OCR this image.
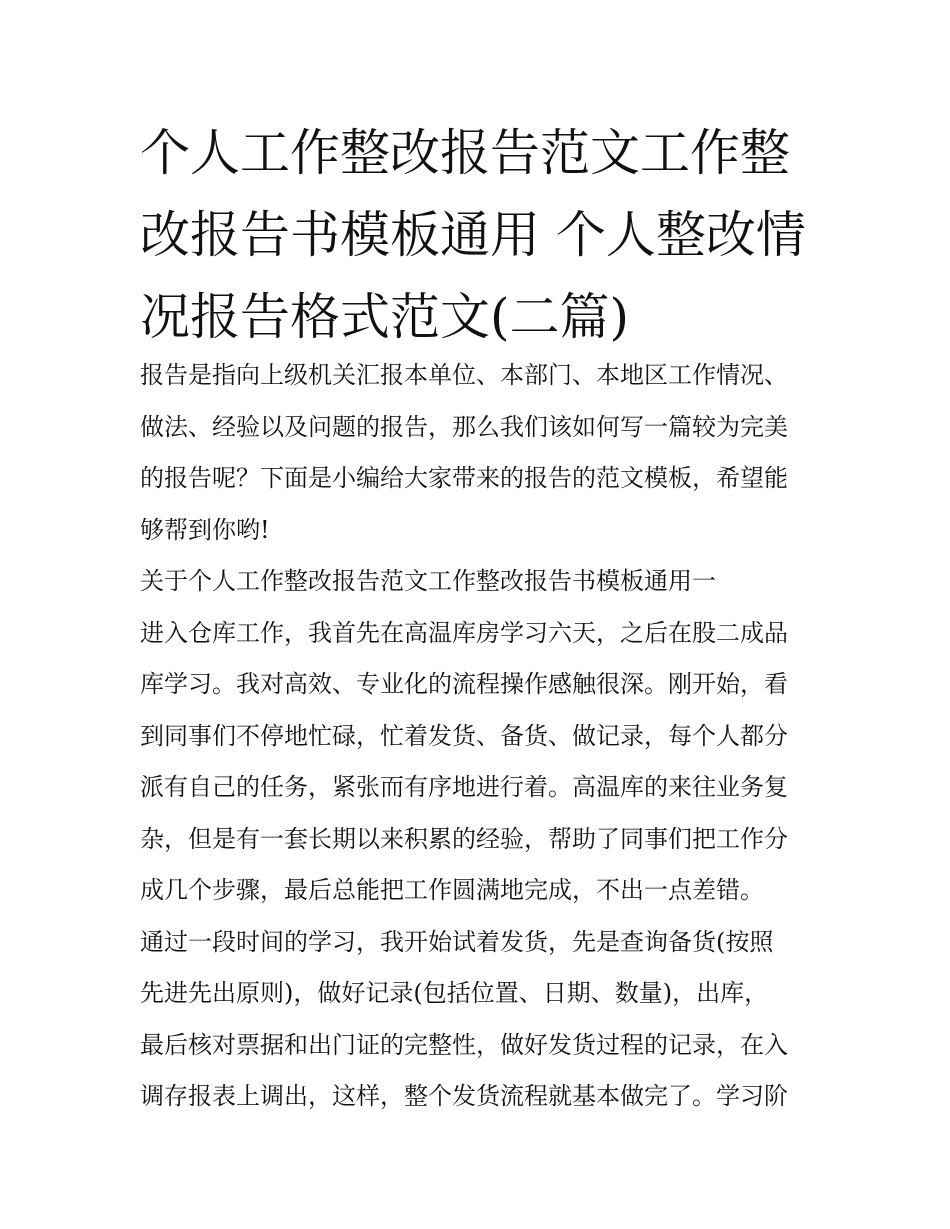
个人工作整改报告范文工作整
改报告书模板通用 个人整改情
况报告格式范文(二篇)
报告是指向上级机关汇报本单位、本部门、本地区工作情况、
做法、经验以及问题的报告，那么我们该如何写一篇较为完美
的报告呢？下面是小编给大家带来的报告的范文模板，希望能
够帮到你哟!
关于个人工作整改报告范文工作整改报告书模板通用一
进入仓库工作，我首先在高温库房学习六天，之后在股二成品
库学习。我对高效、专业化的流程操作感触很深。刚开始，看
到同事们不停地忙碌，忙着发货、备货、做记录，每个人都分
派有自己的任务，紧张而有序地进行着。高温库的来往业务复
杂，但是有一套长期以来积累的经验，帮助了同事们把工作分
成几个步骤，最后总能把工作圆满地完成，不出一点差错。
通过一段时间的学习，我开始试着发货，先是查询备货(按照
先进先出原则)，做好记录(包括位置、日期、数量)，出库，
最后核对票据和出门证的完整性，做好发货过程的记录，在入
调存报表上调出，这样，整个发货流程就基本做完了。学习阶
